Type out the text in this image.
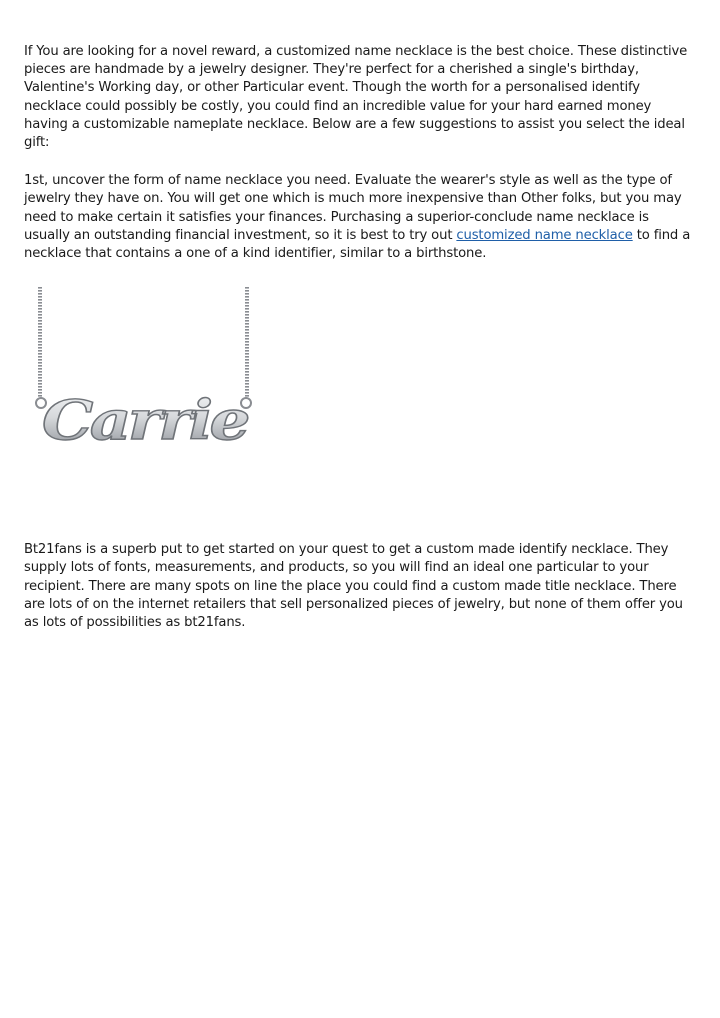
If You are looking for a novel reward, a customized name necklace is the best choice. These distinctive pieces are handmade by a jewelry designer. They're perfect for a cherished a single's birthday, Valentine's Working day, or other Particular event. Though the worth for a personalised identify necklace could possibly be costly, you could find an incredible value for your hard earned money having a customizable nameplate necklace. Below are a few suggestions to assist you select the ideal gift:

1st, uncover the form of name necklace you need. Evaluate the wearer's style as well as the type of jewelry they have on. You will get one which is much more inexpensive than Other folks, but you may need to make certain it satisfies your finances. Purchasing a superior-conclude name necklace is usually an outstanding financial investment, so it is best to try out customized name necklace to find a necklace that contains a one of a kind identifier, similar to a birthstone.

Carrie

Bt21fans is a superb put to get started on your quest to get a custom made identify necklace. They supply lots of fonts, measurements, and products, so you will find an ideal one particular to your recipient. There are many spots on line the place you could find a custom made title necklace. There are lots of on the internet retailers that sell personalized pieces of jewelry, but none of them offer you as lots of possibilities as bt21fans.
